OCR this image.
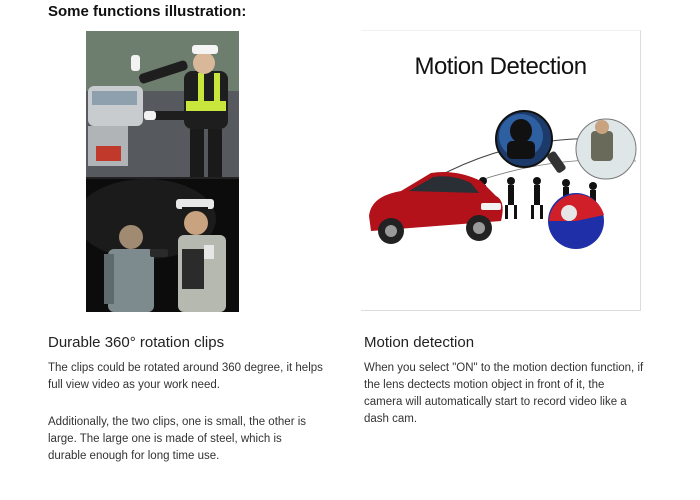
Some functions illustration:
Motion Detection
Durable 360° rotation clips

The clips could be rotated around 360 degree, it helps full view video as your work need.

Additionally, the two clips, one is small, the other is large. The large one is made of steel, which is durable enough for long time use.

Motion detection

When you select "ON" to the motion dection function, if the lens dectects motion object in front of it, the camera will automatically start to record video like a dash cam.
